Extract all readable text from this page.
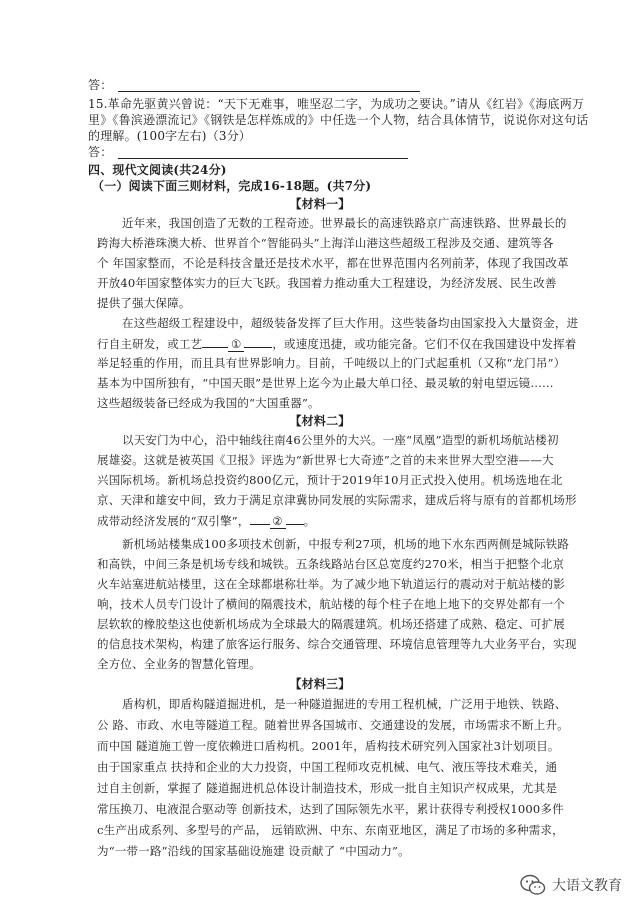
答：
15.革命先驱黄兴曾说：“天下无难事，唯坚忍二字，为成功之要诀。”请从《红岩》《海底两万
里》《鲁滨逊漂流记》《钢铁是怎样炼成的》中任选一个人物，结合具体情节，说说你对这句话
的理解。(100字左右)（3分）
答：
四、现代文阅读(共24分)
（一）阅读下面三则材料，完成16-18题。(共7分)
【材料一】
近年来，我国创造了无数的工程奇迹。世界最长的高速铁路京广高速铁路、世界最长的
跨海大桥港珠澳大桥、世界首个“智能码头”上海洋山港这些超级工程涉及交通、建筑等各
个 年国家整而，不论是科技含量还是技术水平，都在世界范围内名列前茅，体现了我国改革
开放40年国家整体实力的巨大飞跃。我国着力推动重大工程建设，为经济发展、民生改善
提供了强大保障。
在这些超级工程建设中，超级装备发挥了巨大作用。这些装备均由国家投入大量资金，进
行自主研发，或工艺 ①	，或速度迅捷，或功能完备。它们不仅在我国建设中发挥着
举足轻重的作用，而且具有世界影响力。目前，千吨级以上的门式起重机（又称“龙门吊”）
基本为中国所独有，“中国天眼”是世界上迄今为止最大单口径、最灵敏的射电望远镜……
这些超级装备已经成为我国的“大国重器”。
【材料二】
以天安门为中心，沿中轴线往南46公里外的大兴。一座“凤凰”造型的新机场航站楼初
展雄姿。这就是被英国《卫报》评选为“新世界七大奇迹”之首的未来世界大型空港——大
兴国际机场。新机场总投资约800亿元，预计于2019年10月正式投入使用。机场选地在北
京、天津和雄安中间，致力于满足京津冀协同发展的实际需求，建成后将与原有的首都机场形
成带动经济发展的“双引擎”， ② 。
新机场站楼集成100多项技术创新，中报专利27项，机场的地下水东西两侧是城际铁路
和高铁，中间三条是机场专线和城铁。五条线路站台区总宽度约270米，相当于把整个北京
火车站塞进航站楼里，这在全球都堪称壮举。为了减少地下轨道运行的震动对于航站楼的影
响，技术人员专门设计了横间的隔震技术，航站楼的每个柱子在地上地下的交界处都有一个
层软软的橡胶垫这也使新机场成为全球最大的隔震建筑。机场还搭建了成熟、稳定、可扩展
的信息技术架构，构建了旅客运行服务、综合交通管理、环境信息管理等九大业务平台，实现
全方位、全业务的智慧化管理。
【材料三】
盾构机，即盾构隧道掘进机，是一种隧道掘进的专用工程机械，广泛用于地铁、铁路、
公 路、市政、水电等隧道工程。随着世界各国城市、交通建设的发展，市场需求不断上升。
而中国 隧道施工曾一度依赖进口盾构机。2001年，盾构技术研究列入国家社3计划项目。
由于国家重点 扶持和企业的大力投资，中国工程师攻克机械、电气、液压等技术难关，通
过自主创新，掌握了 隧道掘进机总体设计制造技术，形成一批自主知识产权成果，尤其是
常压换刀、电液混合驱动等 创新技术，达到了国际领先水平，累计获得专利授权1000多件
c生产出成系列、多型号的产品， 远销欧洲、中东、东南亚地区，满足了市场的多种需求，
为“一带一路”沿线的国家基础设施建 设贡献了 “中国动力”。
大语文教育
